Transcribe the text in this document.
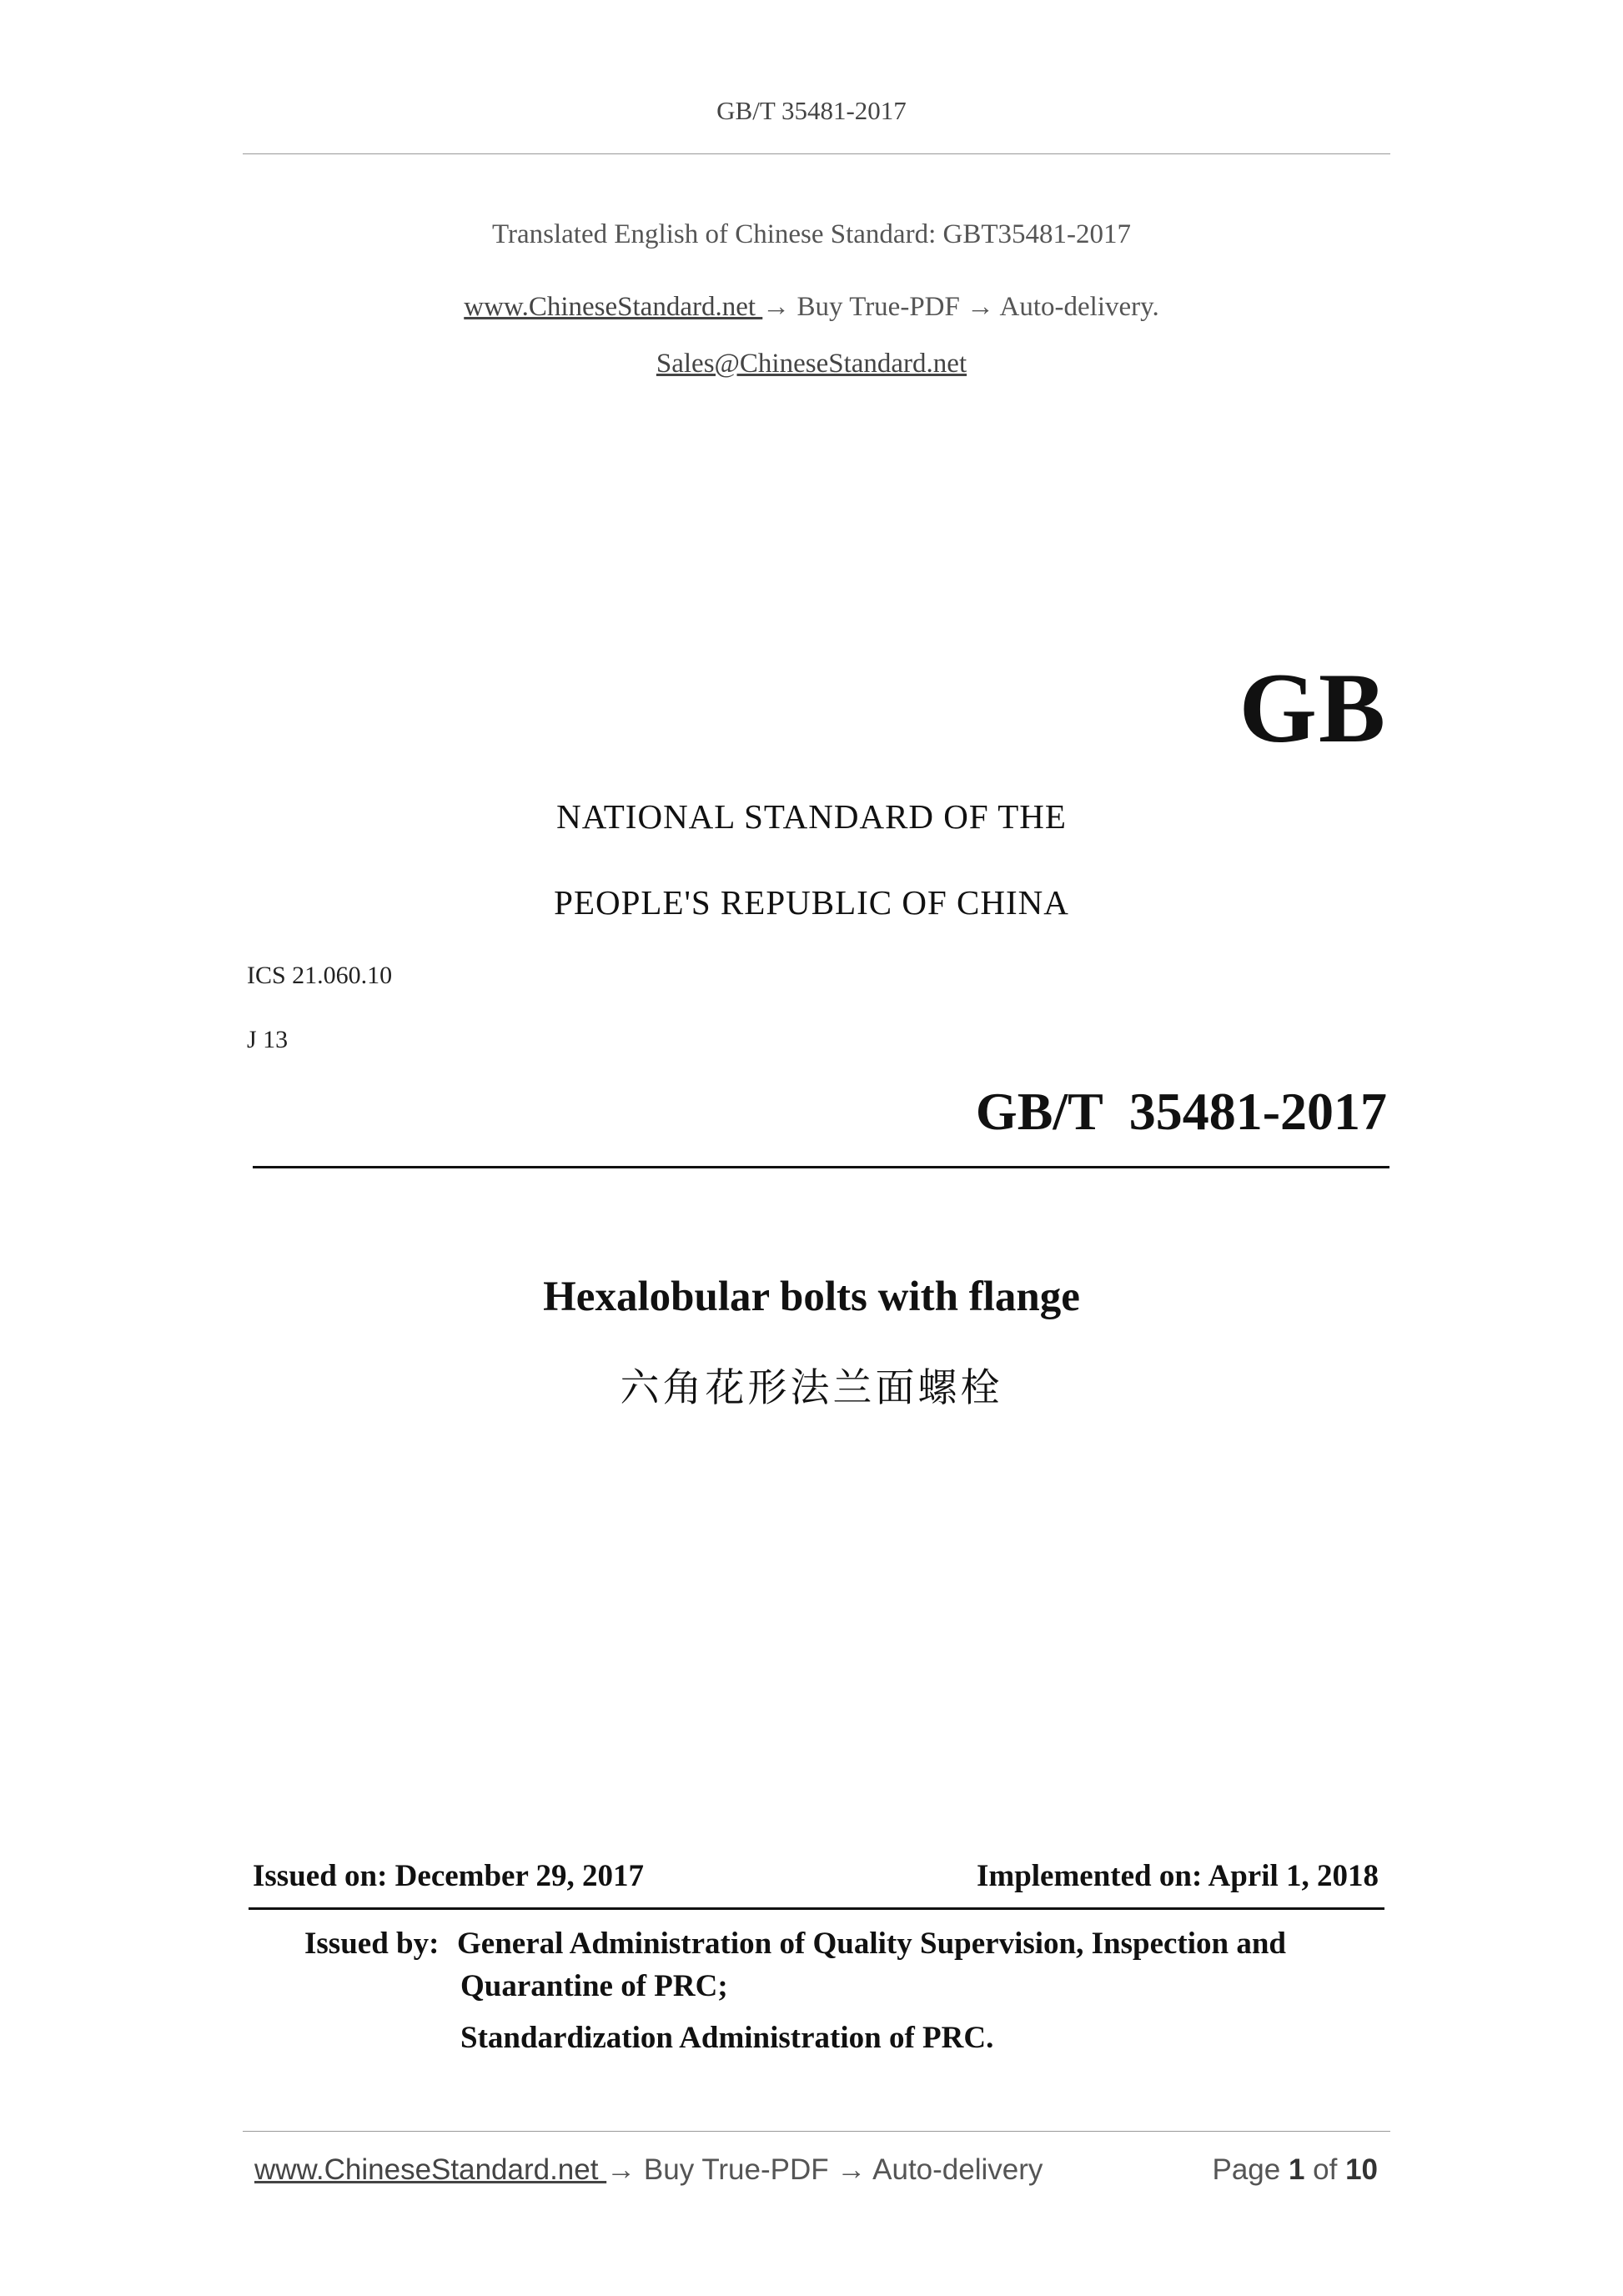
GB/T 35481-2017
Translated English of Chinese Standard: GBT35481-2017
www.ChineseStandard.net → Buy True-PDF → Auto-delivery.
Sales@ChineseStandard.net
GB
NATIONAL STANDARD OF THE
PEOPLE'S REPUBLIC OF CHINA
ICS 21.060.10
J 13
GB/T  35481-2017
Hexalobular bolts with flange
六角花形法兰面螺栓
Issued on: December 29, 2017	Implemented on: April 1, 2018
Issued by: General Administration of Quality Supervision, Inspection and
Quarantine of PRC;
Standardization Administration of PRC.
www.ChineseStandard.net → Buy True-PDF → Auto-delivery	Page 1 of 10
